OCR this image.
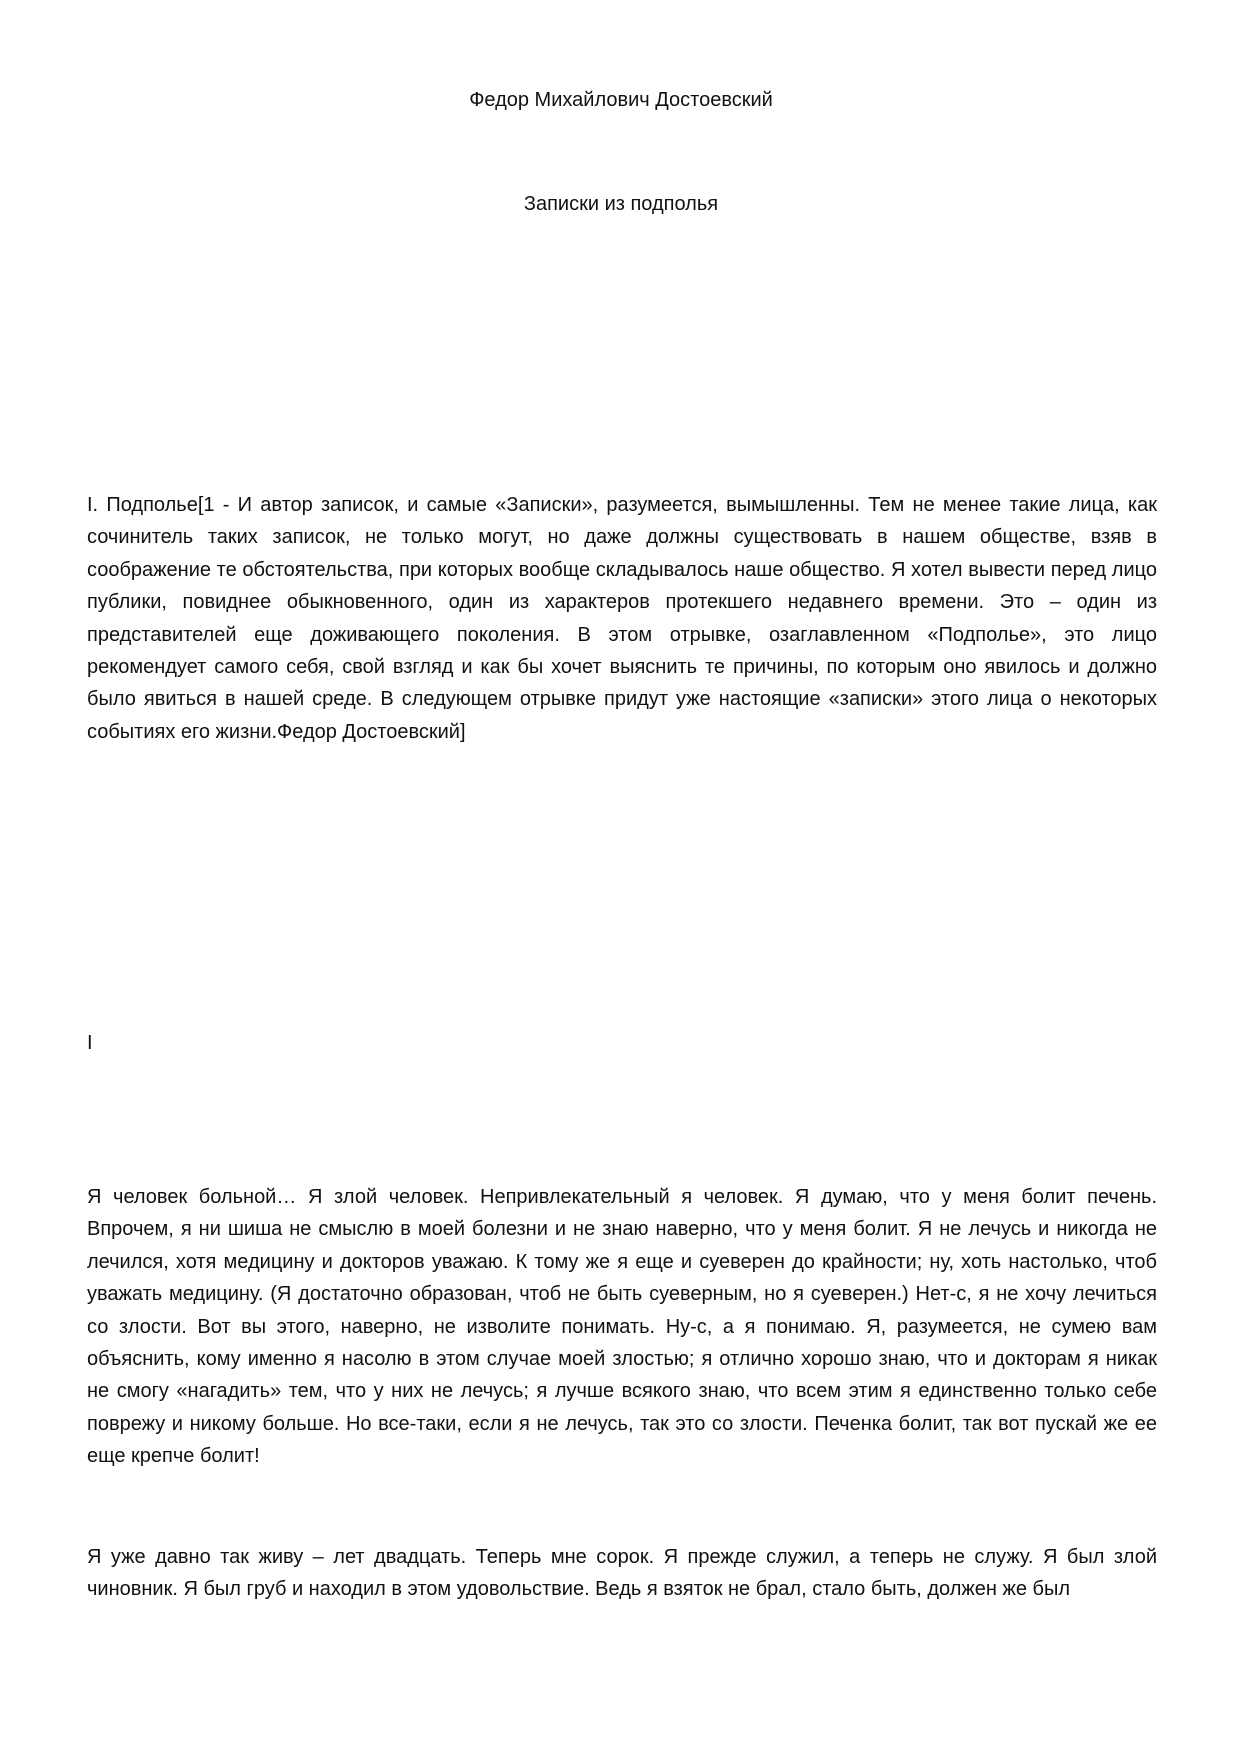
Федор Михайлович Достоевский
Записки из подполья

I. Подполье[1 - И автор записок, и самые «Записки», разумеется, вымышленны. Тем не менее такие лица, как сочинитель таких записок, не только могут, но даже должны существовать в нашем обществе, взяв в соображение те обстоятельства, при которых вообще складывалось наше общество. Я хотел вывести перед лицо публики, повиднее обыкновенного, один из характеров протекшего недавнего времени. Это – один из представителей еще доживающего поколения. В этом отрывке, озаглавленном «Подполье», это лицо рекомендует самого себя, свой взгляд и как бы хочет выяснить те причины, по которым оно явилось и должно было явиться в нашей среде. В следующем отрывке придут уже настоящие «записки» этого лица о некоторых событиях его жизни.Федор Достоевский]

I

Я человек больной… Я злой человек. Непривлекательный я человек. Я думаю, что у меня болит печень. Впрочем, я ни шиша не смыслю в моей болезни и не знаю наверно, что у меня болит. Я не лечусь и никогда не лечился, хотя медицину и докторов уважаю. К тому же я еще и суеверен до крайности; ну, хоть настолько, чтоб уважать медицину. (Я достаточно образован, чтоб не быть суеверным, но я суеверен.) Нет-с, я не хочу лечиться со злости. Вот вы этого, наверно, не изволите понимать. Ну-с, а я понимаю. Я, разумеется, не сумею вам объяснить, кому именно я насолю в этом случае моей злостью; я отлично хорошо знаю, что и докторам я никак не смогу «нагадить» тем, что у них не лечусь; я лучше всякого знаю, что всем этим я единственно только себе поврежу и никому больше. Но все-таки, если я не лечусь, так это со злости. Печенка болит, так вот пускай же ее еще крепче болит!

Я уже давно так живу – лет двадцать. Теперь мне сорок. Я прежде служил, а теперь не служу. Я был злой чиновник. Я был груб и находил в этом удовольствие. Ведь я взяток не брал, стало быть, должен же был
